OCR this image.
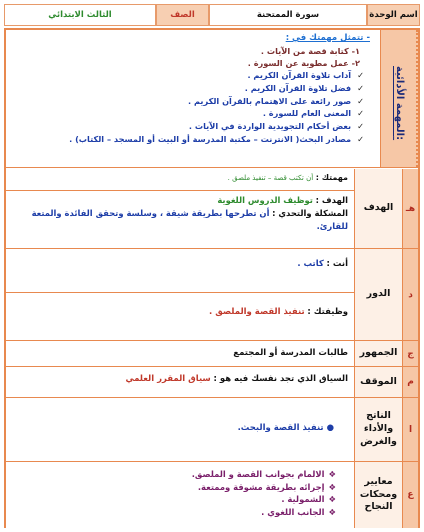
اسم الوحدة
سورة الممتحنة
الصف
الثالث الابتدائي
المهمة الأدائية:
- تتمثل مهمتك في :
١- كتابة قصة من الآيات .
٢- عمل مطوية عن السورة .
✓آداب تلاوة القرآن الكريم .
✓فضل تلاوة القرآن الكريم .
✓صور رائعة على الاهتمام بالقرآن الكريم .
✓المعنى العام للسورة .
✓بعض أحكام التجويدية الواردة في الآيات .
✓مصادر البحث( الانترنت – مكتبة المدرسة أو البيت أو المسجد – الكتاب) .
هـ
الهدف
مهمتك : أن تكتب قصة – تنفيذ ملصق .
الهدف : توظيف الدروس اللغوية
المشكلة والتحدي : أن تطرحها بطريقة شيقة ، وسلسة وتحقق الفائدة والمتعة للقارئ.
د
الدور
أنت : كاتب .
وظيفتك : تنفيذ القصة والملصق .
ج
الجمهور
طالبات المدرسة أو المجتمع
م
الموقف
السياق الذي تجد نفسك فيه هو : سياق المقرر العلمي
ا
الناتج والأداء والغرض
● تنفيذ القصة والبحث.
ع
معايير ومحكات النجاح
❖الالمام بجوانب القصة و الملصق.
❖إجرائه بطريقة مشوقة وممتعة.
❖الشمولية .
❖الجانب اللغوي .
